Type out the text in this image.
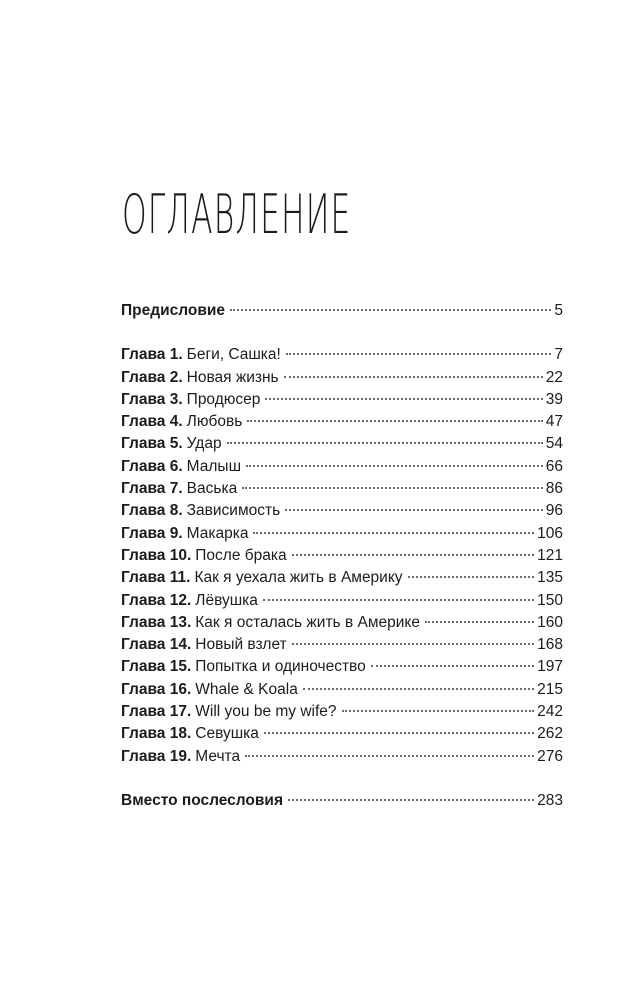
ОГЛАВЛЕНИЕ
Предисловие	5
Глава 1. Беги, Сашка!	7
Глава 2. Новая жизнь	22
Глава 3. Продюсер	39
Глава 4. Любовь	47
Глава 5. Удар	54
Глава 6. Малыш	66
Глава 7. Васька	86
Глава 8. Зависимость	96
Глава 9. Макарка	106
Глава 10. После брака	121
Глава 11. Как я уехала жить в Америку	135
Глава 12. Лёвушка	150
Глава 13. Как я осталась жить в Америке	160
Глава 14. Новый взлет	168
Глава 15. Попытка и одиночество	197
Глава 16. Whale & Koala	215
Глава 17. Will you be my wife?	242
Глава 18. Севушка	262
Глава 19. Мечта	276
Вместо послесловия	283
